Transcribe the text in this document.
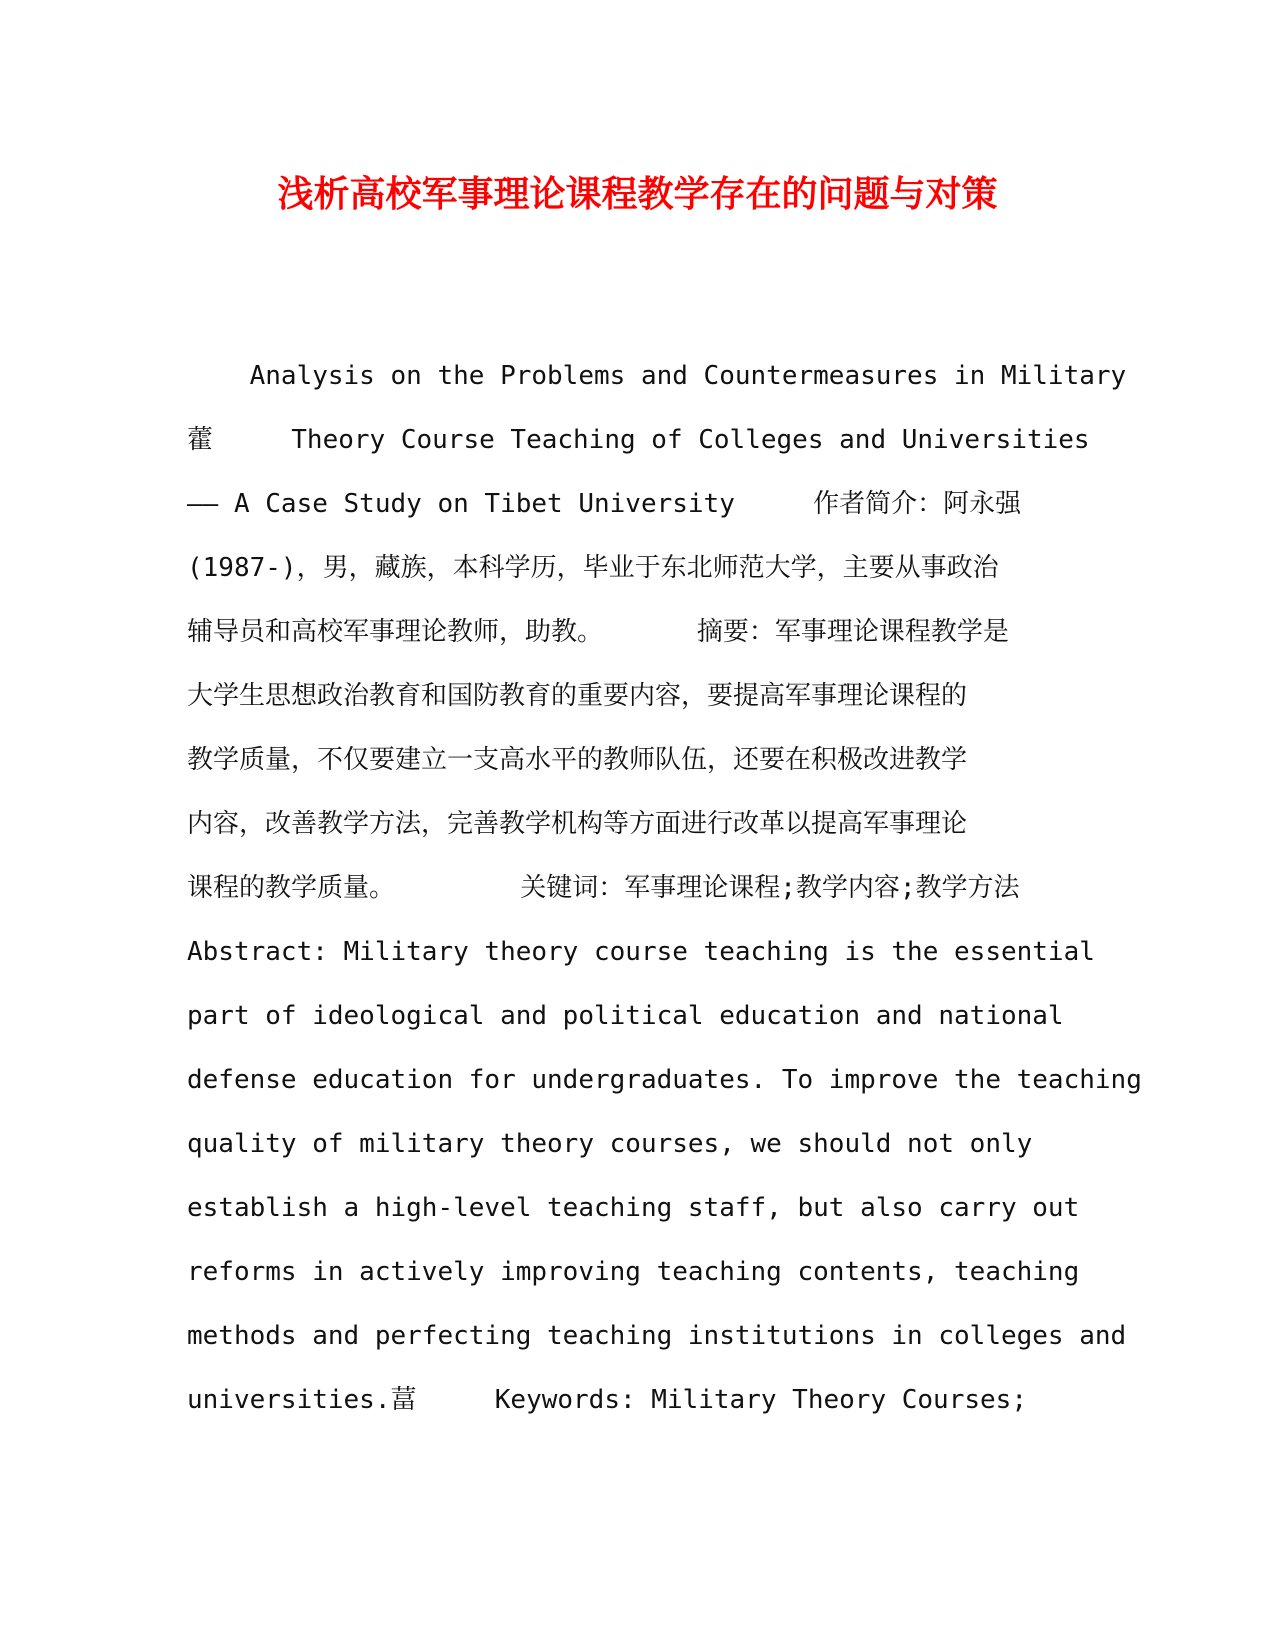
浅析高校军事理论课程教学存在的问题与对策

Analysis on the Problems and Countermeasures in Military

藿     Theory Course Teaching of Colleges and Universities

—— A Case Study on Tibet University     作者简介：阿永强

(1987-)，男，藏族，本科学历，毕业于东北师范大学，主要从事政治

辅导员和高校军事理论教师，助教。      摘要：军事理论课程教学是

大学生思想政治教育和国防教育的重要内容，要提高军事理论课程的

教学质量，不仅要建立一支高水平的教师队伍，还要在积极改进教学

内容，改善教学方法，完善教学机构等方面进行改革以提高军事理论

课程的教学质量。        关键词：军事理论课程;教学内容;教学方法

Abstract: Military theory course teaching is the essential

part of ideological and political education and national

defense education for undergraduates. To improve the teaching

quality of military theory courses, we should not only

establish a high-level teaching staff, but also carry out

reforms in actively improving teaching contents, teaching

methods and perfecting teaching institutions in colleges and

universities.葍     Keywords: Military Theory Courses;
